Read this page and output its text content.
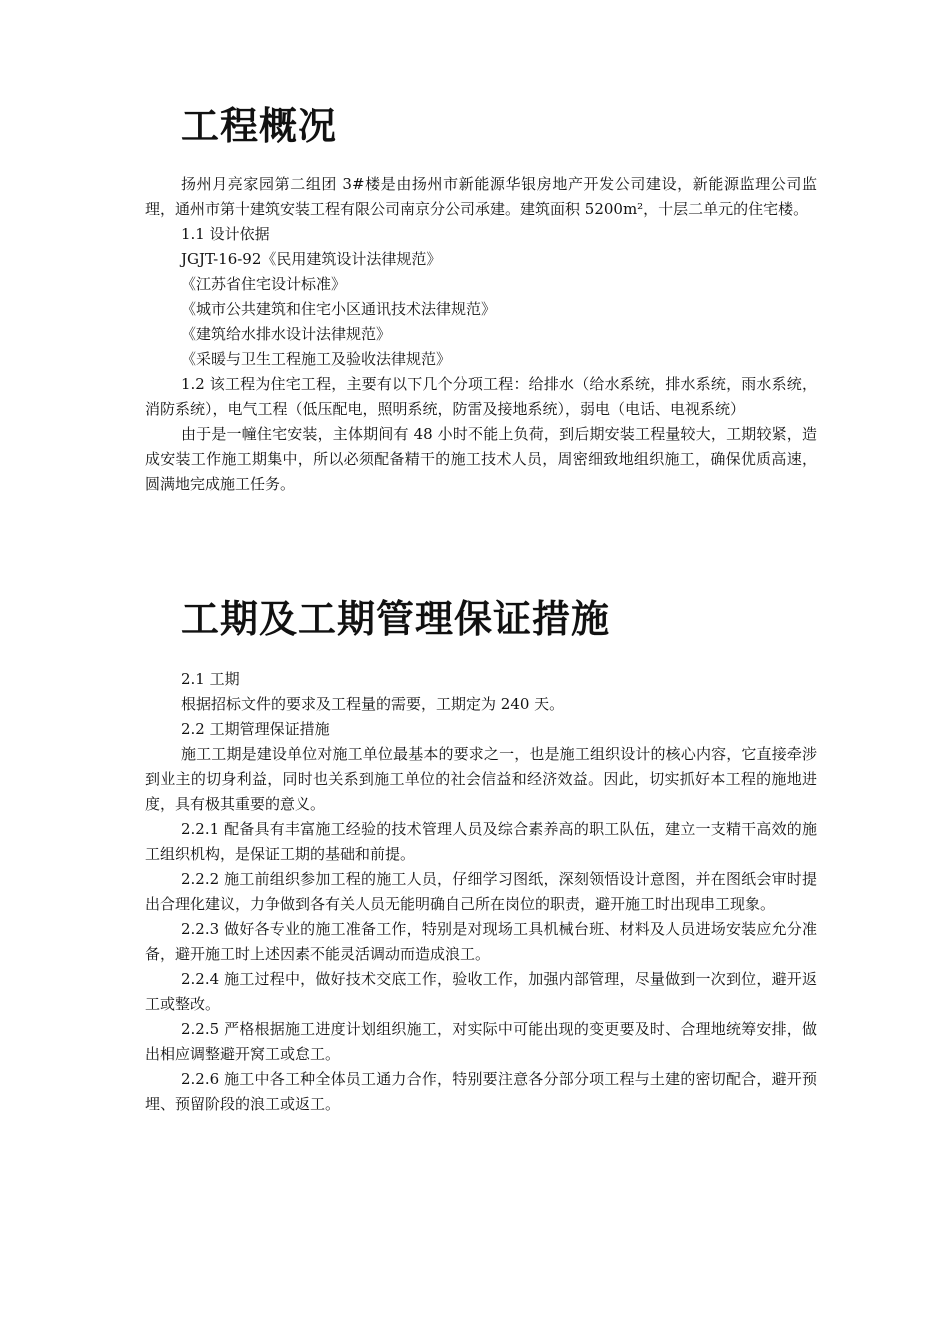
工程概况

扬州月亮家园第二组团 3#楼是由扬州市新能源华银房地产开发公司建设，新能源监理公司监理，通州市第十建筑安装工程有限公司南京分公司承建。建筑面积 5200m²，十层二单元的住宅楼。

1.1 设计依据

JGJT-16-92《民用建筑设计法律规范》

《江苏省住宅设计标准》

《城市公共建筑和住宅小区通讯技术法律规范》

《建筑给水排水设计法律规范》

《采暖与卫生工程施工及验收法律规范》

1.2 该工程为住宅工程，主要有以下几个分项工程：给排水（给水系统，排水系统，雨水系统，消防系统），电气工程（低压配电，照明系统，防雷及接地系统），弱电（电话、电视系统）

由于是一幢住宅安装，主体期间有 48 小时不能上负荷，到后期安装工程量较大，工期较紧，造成安装工作施工期集中，所以必须配备精干的施工技术人员，周密细致地组织施工，确保优质高速，圆满地完成施工任务。

工期及工期管理保证措施

2.1 工期

根据招标文件的要求及工程量的需要，工期定为 240 天。

2.2 工期管理保证措施

施工工期是建设单位对施工单位最基本的要求之一，也是施工组织设计的核心内容，它直接牵涉到业主的切身利益，同时也关系到施工单位的社会信益和经济效益。因此，切实抓好本工程的施地进度，具有极其重要的意义。

2.2.1 配备具有丰富施工经验的技术管理人员及综合素养高的职工队伍，建立一支精干高效的施工组织机构，是保证工期的基础和前提。

2.2.2 施工前组织参加工程的施工人员，仔细学习图纸，深刻领悟设计意图，并在图纸会审时提出合理化建议，力争做到各有关人员无能明确自己所在岗位的职责，避开施工时出现串工现象。

2.2.3 做好各专业的施工准备工作，特别是对现场工具机械台班、材料及人员进场安装应允分准备，避开施工时上述因素不能灵活调动而造成浪工。

2.2.4 施工过程中，做好技术交底工作，验收工作，加强内部管理，尽量做到一次到位，避开返工或整改。

2.2.5 严格根据施工进度计划组织施工，对实际中可能出现的变更要及时、合理地统筹安排，做出相应调整避开窝工或怠工。

2.2.6 施工中各工种全体员工通力合作，特别要注意各分部分项工程与土建的密切配合，避开预埋、预留阶段的浪工或返工。
